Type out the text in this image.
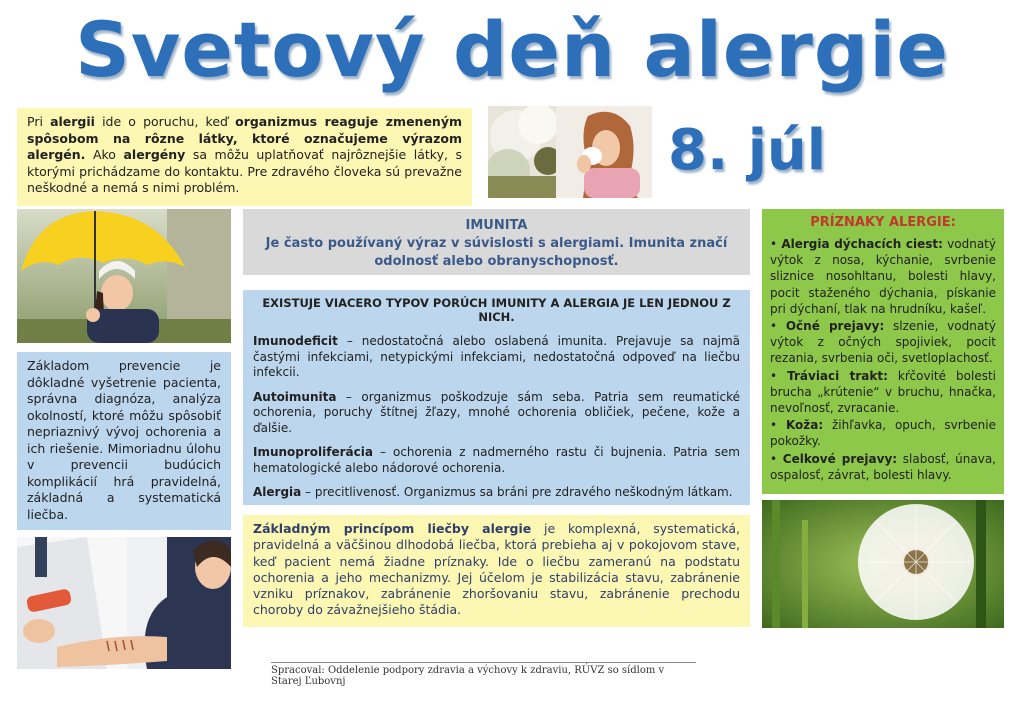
Svetový deň alergie
8. júl

Pri alergii ide o poruchu, keď organizmus reaguje zmeneným spôsobom na rôzne látky, ktoré označujeme výrazom alergén. Ako alergény sa môžu uplatňovať najrôznejšie látky, s ktorými prichádzame do kontaktu. Pre zdravého človeka sú prevažne neškodné a nemá s nimi problém.

IMUNITA
Je často používaný výraz v súvislosti s alergiami. Imunita značí odolnosť alebo obranyschopnosť.
EXISTUJE VIACERO TYPOV PORÚCH IMUNITY A ALERGIA JE LEN JEDNOU Z NICH.

Imunodeficit – nedostatočná alebo oslabená imunita. Prejavuje sa najmä častými infekciami, netypickými infekciami, nedostatočná odpoveď na liečbu infekcii.

Autoimunita – organizmus poškodzuje sám seba. Patria sem reumatické ochorenia, poruchy štítnej žľazy, mnohé ochorenia obličiek, pečene, kože a ďalšie.

Imunoproliferácia – ochorenia z nadmerného rastu či bujnenia. Patria sem hematologické alebo nádorové ochorenia.

Alergia – precitlivenosť. Organizmus sa bráni pre zdravého neškodným látkam.

Základom prevencie je dôkladné vyšetrenie pacienta, správna diagnóza, analýza okolností, ktoré môžu spôsobiť nepriaznivý vývoj ochorenia a ich riešenie. Mimoriadnu úlohu v prevencii budúcich komplikácií hrá pravidelná, základná a systematická liečba.

Základným princípom liečby alergie je komplexná, systematická, pravidelná a väčšinou dlhodobá liečba, ktorá prebieha aj v pokojovom stave, keď pacient nemá žiadne príznaky. Ide o liečbu zameranú na podstatu ochorenia a jeho mechanizmy. Jej účelom je stabilizácia stavu, zabránenie vzniku príznakov, zabránenie zhoršovaniu stavu, zabránenie prechodu choroby do závažnejšieho štádia.

PRÍZNAKY ALERGIE:

• Alergia dýchacích ciest: vodnatý výtok z nosa, kýchanie, svrbenie sliznice nosohltanu, bolesti hlavy, pocit staženého dýchania, pískanie pri dýchaní, tlak na hrudníku, kašeľ.

• Očné prejavy: slzenie, vodnatý výtok z očných spojiviek, pocit rezania, svrbenia oči, svetloplachosť.

• Tráviaci trakt: kŕčovité bolesti brucha „krútenie“ v bruchu, hnačka, nevoľnosť, zvracanie.

• Koža: žihľavka, opuch, svrbenie pokožky.

• Celkové prejavy: slabosť, únava, ospalosť, závrat, bolesti hlavy.

Spracoval: Oddelenie podpory zdravia a výchovy k zdraviu, RÚVZ so sídlom v Starej Ľubovnj
